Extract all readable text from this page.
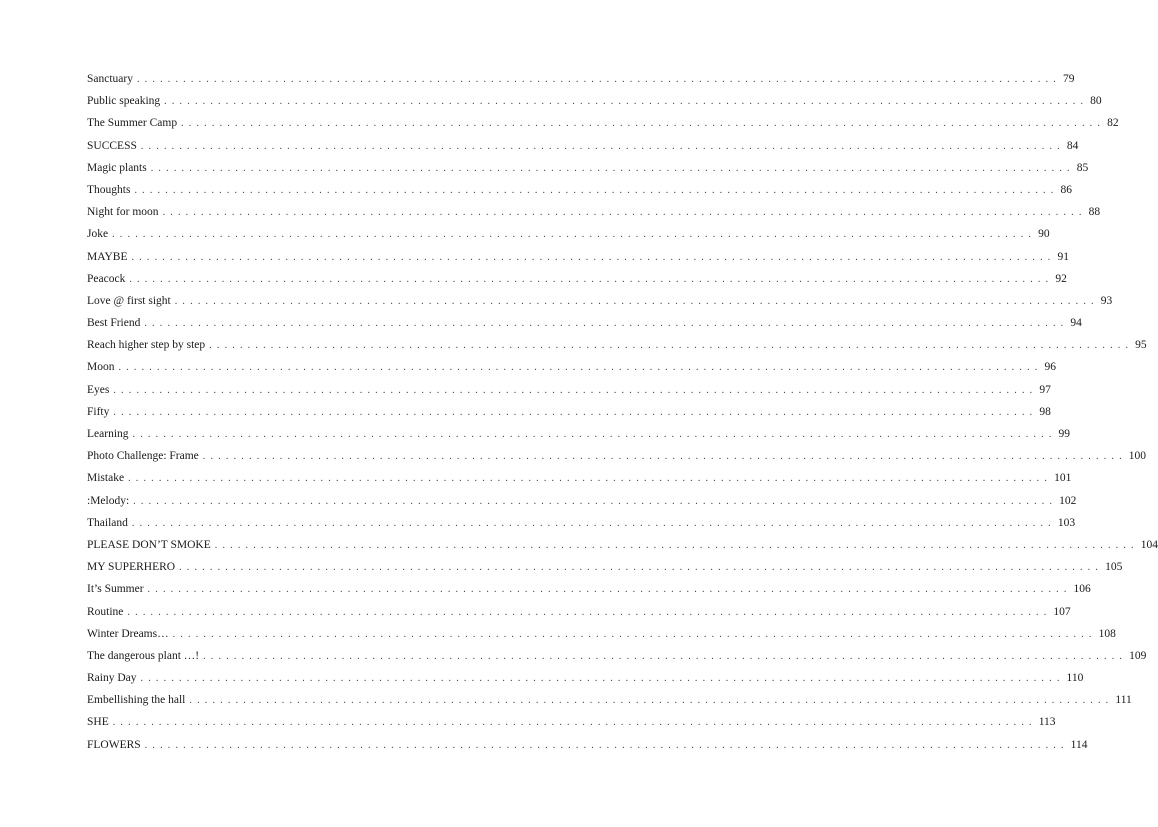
Sanctuary ........................................................................................................................ 79
Public speaking ........................................................................................................................ 80
The Summer Camp ........................................................................................................................ 82
SUCCESS ........................................................................................................................ 84
Magic plants ........................................................................................................................ 85
Thoughts ........................................................................................................................ 86
Night for moon ........................................................................................................................ 88
Joke ........................................................................................................................ 90
MAYBE ........................................................................................................................ 91
Peacock ........................................................................................................................ 92
Love @ first sight ........................................................................................................................ 93
Best Friend ........................................................................................................................ 94
Reach higher step by step ........................................................................................................................ 95
Moon ........................................................................................................................ 96
Eyes ........................................................................................................................ 97
Fifty ........................................................................................................................ 98
Learning ........................................................................................................................ 99
Photo Challenge: Frame ........................................................................................................................ 100
Mistake ........................................................................................................................ 101
:Melody: ........................................................................................................................ 102
Thailand ........................................................................................................................ 103
PLEASE DON’T SMOKE ........................................................................................................................ 104
MY SUPERHERO ........................................................................................................................ 105
It’s Summer ........................................................................................................................ 106
Routine ........................................................................................................................ 107
Winter Dreams… ........................................................................................................................ 108
The dangerous plant …! ........................................................................................................................ 109
Rainy Day ........................................................................................................................ 110
Embellishing the hall ........................................................................................................................ 111
SHE ........................................................................................................................ 113
FLOWERS ........................................................................................................................ 114
